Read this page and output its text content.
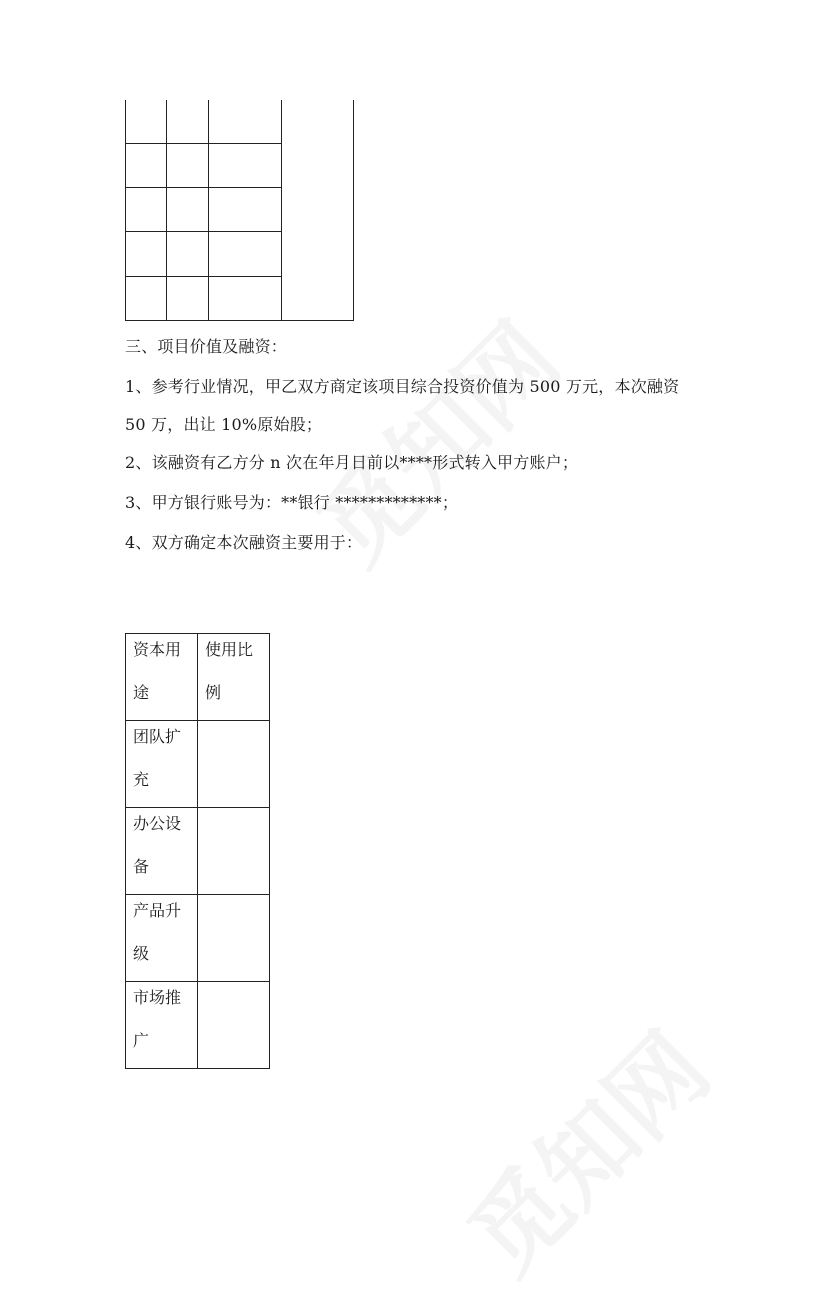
三、项目价值及融资：
1、参考行业情况，甲乙双方商定该项目综合投资价值为 500 万元，本次融资
50 万，出让 10%原始股；
2、该融资有乙方分 n 次在年月日前以****形式转入甲方账户；
3、甲方银行账号为：**银行 *************；
4、双方确定本次融资主要用于：
资本用途	使用比例

团队扩充	

办公设备	

产品升级	

市场推广	
